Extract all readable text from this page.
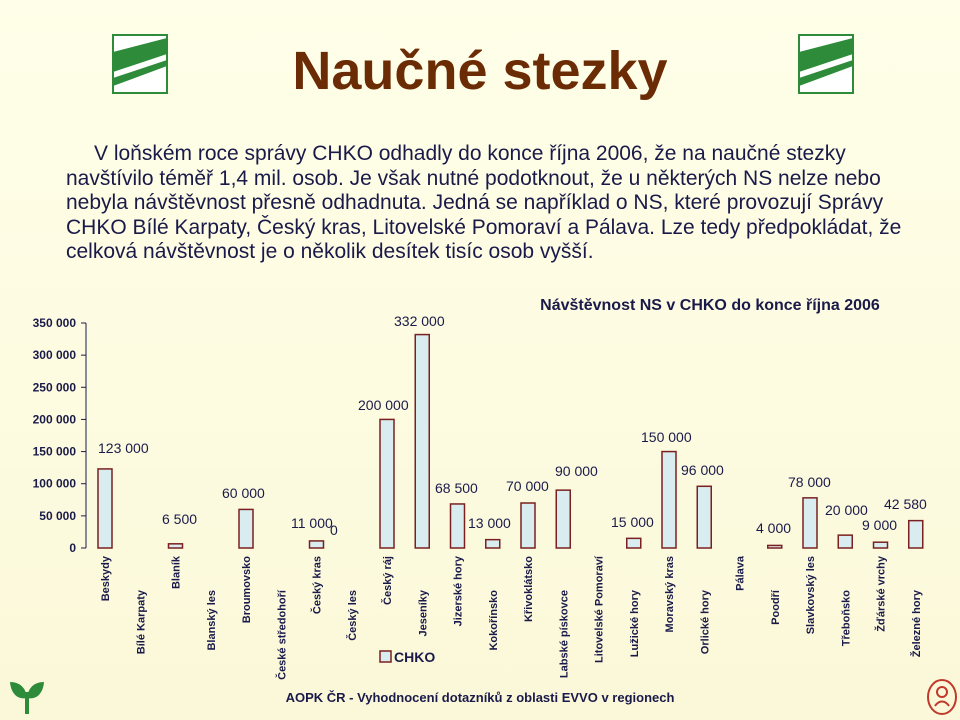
Naučné stezky

V loňském roce správy CHKO odhadly do konce října 2006, že na naučné stezky navštívilo téměř 1,4 mil. osob. Je však nutné podotknout, že u některých NS nelze nebo nebyla návštěvnost přesně odhadnuta. Jedná se například o NS, které provozují Správy CHKO Bílé Karpaty, Český kras, Litovelské Pomoraví a Pálava. Lze tedy předpokládat, že celková návštěvnost je o několik desítek tisíc osob vyšší.

0
50 000
100 000
150 000
200 000
250 000
300 000
350 000
Beskydy
Bílé Karpaty
Blaník
Blanský les Broumovsko
České středohoří
Český kras
Český les
Český ráj
Jeseníky Jizerské hory Kokořínsko Křivoklátsko
Labské pískovce Litovelské Pomoraví Lužické hory Moravský kras Orlické hory
Pálava
Poodří Slavkovský les Třeboňsko Žďárské vrchy Železné hory
123 000
6 500
60 000
11 000
0
200 000
332 000
68 500
13 000
70 000
90 000
15 000
150 000
96 000
4 000
78 000
20 000
9 000
42 580
Návštěvnost NS v CHKO do konce října 2006
CHKO
AOPK ČR - Vyhodnocení dotazníků z oblasti EVVO v regionech
